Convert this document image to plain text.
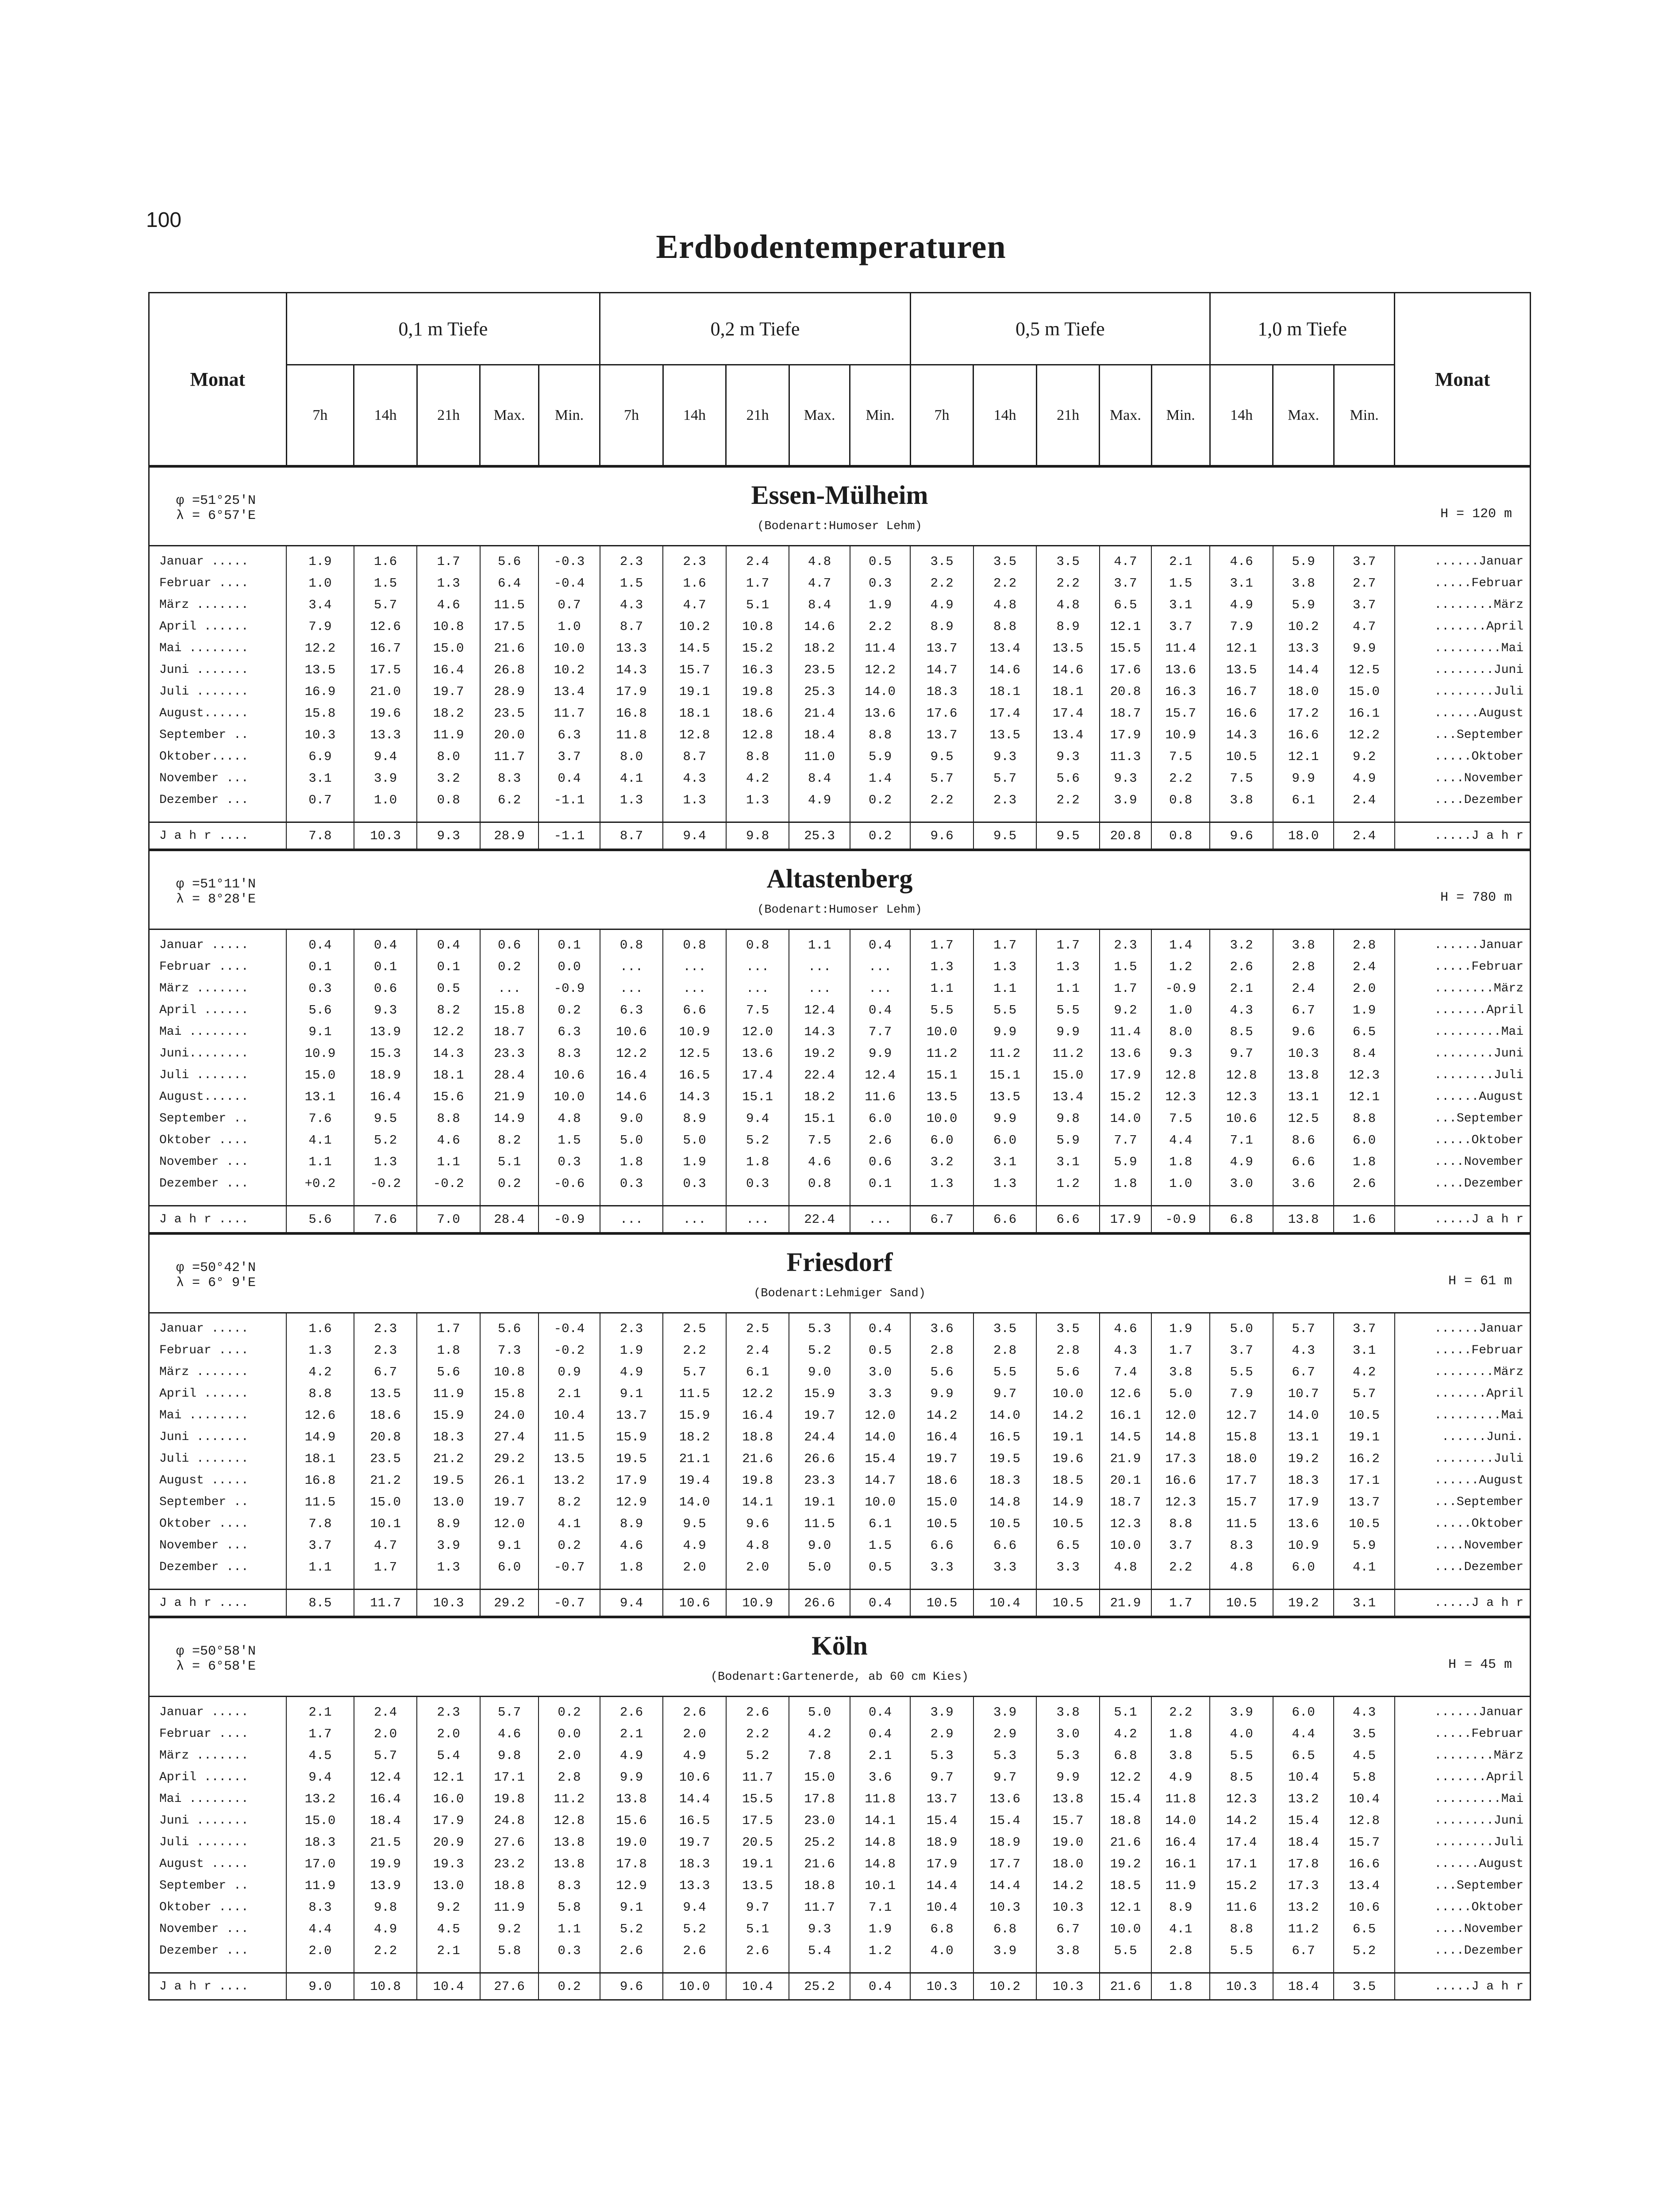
100
Erdbodentemperaturen
Monat	0,1 m Tiefe					0,2 m Tiefe					0,5 m Tiefe					1,0 m Tiefe			Monat
	7h	14h	21h	Max.	Min.	7h	14h	21h	Max.	Min.	7h	14h	21h	Max.	Min.	14h	Max.	Min.	

φ =51°25'N
λ = 6°57'E
Essen-Mülheim
(Bodenart:Humoser Lehm)
H = 120 m																			

Januar .....	1.9	1.6	1.7	5.6	-0.3	2.3	2.3	2.4	4.8	0.5	3.5	3.5	3.5	4.7	2.1	4.6	5.9	3.7	......Januar
Februar ....	1.0	1.5	1.3	6.4	-0.4	1.5	1.6	1.7	4.7	0.3	2.2	2.2	2.2	3.7	1.5	3.1	3.8	2.7	.....Februar
März .......	3.4	5.7	4.6	11.5	0.7	4.3	4.7	5.1	8.4	1.9	4.9	4.8	4.8	6.5	3.1	4.9	5.9	3.7	........März
April ......	7.9	12.6	10.8	17.5	1.0	8.7	10.2	10.8	14.6	2.2	8.9	8.8	8.9	12.1	3.7	7.9	10.2	4.7	.......April
Mai ........	12.2	16.7	15.0	21.6	10.0	13.3	14.5	15.2	18.2	11.4	13.7	13.4	13.5	15.5	11.4	12.1	13.3	9.9	.........Mai
Juni .......	13.5	17.5	16.4	26.8	10.2	14.3	15.7	16.3	23.5	12.2	14.7	14.6	14.6	17.6	13.6	13.5	14.4	12.5	........Juni
Juli .......	16.9	21.0	19.7	28.9	13.4	17.9	19.1	19.8	25.3	14.0	18.3	18.1	18.1	20.8	16.3	16.7	18.0	15.0	........Juli
August......	15.8	19.6	18.2	23.5	11.7	16.8	18.1	18.6	21.4	13.6	17.6	17.4	17.4	18.7	15.7	16.6	17.2	16.1	......August
September ..	10.3	13.3	11.9	20.0	6.3	11.8	12.8	12.8	18.4	8.8	13.7	13.5	13.4	17.9	10.9	14.3	16.6	12.2	...September
Oktober.....	6.9	9.4	8.0	11.7	3.7	8.0	8.7	8.8	11.0	5.9	9.5	9.3	9.3	11.3	7.5	10.5	12.1	9.2	.....Oktober
November ...	3.1	3.9	3.2	8.3	0.4	4.1	4.3	4.2	8.4	1.4	5.7	5.7	5.6	9.3	2.2	7.5	9.9	4.9	....November
Dezember ...	0.7	1.0	0.8	6.2	-1.1	1.3	1.3	1.3	4.9	0.2	2.2	2.3	2.2	3.9	0.8	3.8	6.1	2.4	....Dezember

J a h r ....	7.8	10.3	9.3	28.9	-1.1	8.7	9.4	9.8	25.3	0.2	9.6	9.5	9.5	20.8	0.8	9.6	18.0	2.4	.....J a h r

φ =51°11'N
λ = 8°28'E
Altastenberg
(Bodenart:Humoser Lehm)
H = 780 m																			

Januar .....	0.4	0.4	0.4	0.6	0.1	0.8	0.8	0.8	1.1	0.4	1.7	1.7	1.7	2.3	1.4	3.2	3.8	2.8	......Januar
Februar ....	0.1	0.1	0.1	0.2	0.0	...	...	...	...	...	1.3	1.3	1.3	1.5	1.2	2.6	2.8	2.4	.....Februar
März .......	0.3	0.6	0.5	...	-0.9	...	...	...	...	...	1.1	1.1	1.1	1.7	-0.9	2.1	2.4	2.0	........März
April ......	5.6	9.3	8.2	15.8	0.2	6.3	6.6	7.5	12.4	0.4	5.5	5.5	5.5	9.2	1.0	4.3	6.7	1.9	.......April
Mai ........	9.1	13.9	12.2	18.7	6.3	10.6	10.9	12.0	14.3	7.7	10.0	9.9	9.9	11.4	8.0	8.5	9.6	6.5	.........Mai
Juni........	10.9	15.3	14.3	23.3	8.3	12.2	12.5	13.6	19.2	9.9	11.2	11.2	11.2	13.6	9.3	9.7	10.3	8.4	........Juni
Juli .......	15.0	18.9	18.1	28.4	10.6	16.4	16.5	17.4	22.4	12.4	15.1	15.1	15.0	17.9	12.8	12.8	13.8	12.3	........Juli
August......	13.1	16.4	15.6	21.9	10.0	14.6	14.3	15.1	18.2	11.6	13.5	13.5	13.4	15.2	12.3	12.3	13.1	12.1	......August
September ..	7.6	9.5	8.8	14.9	4.8	9.0	8.9	9.4	15.1	6.0	10.0	9.9	9.8	14.0	7.5	10.6	12.5	8.8	...September
Oktober ....	4.1	5.2	4.6	8.2	1.5	5.0	5.0	5.2	7.5	2.6	6.0	6.0	5.9	7.7	4.4	7.1	8.6	6.0	.....Oktober
November ...	1.1	1.3	1.1	5.1	0.3	1.8	1.9	1.8	4.6	0.6	3.2	3.1	3.1	5.9	1.8	4.9	6.6	1.8	....November
Dezember ...	+0.2	-0.2	-0.2	0.2	-0.6	0.3	0.3	0.3	0.8	0.1	1.3	1.3	1.2	1.8	1.0	3.0	3.6	2.6	....Dezember

J a h r ....	5.6	7.6	7.0	28.4	-0.9	...	...	...	22.4	...	6.7	6.6	6.6	17.9	-0.9	6.8	13.8	1.6	.....J a h r

φ =50°42'N
λ = 6° 9'E
Friesdorf
(Bodenart:Lehmiger Sand)
H = 61 m																			

Januar .....	1.6	2.3	1.7	5.6	-0.4	2.3	2.5	2.5	5.3	0.4	3.6	3.5	3.5	4.6	1.9	5.0	5.7	3.7	......Januar
Februar ....	1.3	2.3	1.8	7.3	-0.2	1.9	2.2	2.4	5.2	0.5	2.8	2.8	2.8	4.3	1.7	3.7	4.3	3.1	.....Februar
März .......	4.2	6.7	5.6	10.8	0.9	4.9	5.7	6.1	9.0	3.0	5.6	5.5	5.6	7.4	3.8	5.5	6.7	4.2	........März
April ......	8.8	13.5	11.9	15.8	2.1	9.1	11.5	12.2	15.9	3.3	9.9	9.7	10.0	12.6	5.0	7.9	10.7	5.7	.......April
Mai ........	12.6	18.6	15.9	24.0	10.4	13.7	15.9	16.4	19.7	12.0	14.2	14.0	14.2	16.1	12.0	12.7	14.0	10.5	.........Mai
Juni .......	14.9	20.8	18.3	27.4	11.5	15.9	18.2	18.8	24.4	14.0	16.4	16.5	19.1	14.5	14.8	15.8	13.1	19.1	......Juni.
Juli .......	18.1	23.5	21.2	29.2	13.5	19.5	21.1	21.6	26.6	15.4	19.7	19.5	19.6	21.9	17.3	18.0	19.2	16.2	........Juli
August .....	16.8	21.2	19.5	26.1	13.2	17.9	19.4	19.8	23.3	14.7	18.6	18.3	18.5	20.1	16.6	17.7	18.3	17.1	......August
September ..	11.5	15.0	13.0	19.7	8.2	12.9	14.0	14.1	19.1	10.0	15.0	14.8	14.9	18.7	12.3	15.7	17.9	13.7	...September
Oktober ....	7.8	10.1	8.9	12.0	4.1	8.9	9.5	9.6	11.5	6.1	10.5	10.5	10.5	12.3	8.8	11.5	13.6	10.5	.....Oktober
November ...	3.7	4.7	3.9	9.1	0.2	4.6	4.9	4.8	9.0	1.5	6.6	6.6	6.5	10.0	3.7	8.3	10.9	5.9	....November
Dezember ...	1.1	1.7	1.3	6.0	-0.7	1.8	2.0	2.0	5.0	0.5	3.3	3.3	3.3	4.8	2.2	4.8	6.0	4.1	....Dezember

J a h r ....	8.5	11.7	10.3	29.2	-0.7	9.4	10.6	10.9	26.6	0.4	10.5	10.4	10.5	21.9	1.7	10.5	19.2	3.1	.....J a h r

φ =50°58'N
λ = 6°58'E
Köln
(Bodenart:Gartenerde, ab 60 cm Kies)
H = 45 m																			

Januar .....	2.1	2.4	2.3	5.7	0.2	2.6	2.6	2.6	5.0	0.4	3.9	3.9	3.8	5.1	2.2	3.9	6.0	4.3	......Januar
Februar ....	1.7	2.0	2.0	4.6	0.0	2.1	2.0	2.2	4.2	0.4	2.9	2.9	3.0	4.2	1.8	4.0	4.4	3.5	.....Februar
März .......	4.5	5.7	5.4	9.8	2.0	4.9	4.9	5.2	7.8	2.1	5.3	5.3	5.3	6.8	3.8	5.5	6.5	4.5	........März
April ......	9.4	12.4	12.1	17.1	2.8	9.9	10.6	11.7	15.0	3.6	9.7	9.7	9.9	12.2	4.9	8.5	10.4	5.8	.......April
Mai ........	13.2	16.4	16.0	19.8	11.2	13.8	14.4	15.5	17.8	11.8	13.7	13.6	13.8	15.4	11.8	12.3	13.2	10.4	.........Mai
Juni .......	15.0	18.4	17.9	24.8	12.8	15.6	16.5	17.5	23.0	14.1	15.4	15.4	15.7	18.8	14.0	14.2	15.4	12.8	........Juni
Juli .......	18.3	21.5	20.9	27.6	13.8	19.0	19.7	20.5	25.2	14.8	18.9	18.9	19.0	21.6	16.4	17.4	18.4	15.7	........Juli
August .....	17.0	19.9	19.3	23.2	13.8	17.8	18.3	19.1	21.6	14.8	17.9	17.7	18.0	19.2	16.1	17.1	17.8	16.6	......August
September ..	11.9	13.9	13.0	18.8	8.3	12.9	13.3	13.5	18.8	10.1	14.4	14.4	14.2	18.5	11.9	15.2	17.3	13.4	...September
Oktober ....	8.3	9.8	9.2	11.9	5.8	9.1	9.4	9.7	11.7	7.1	10.4	10.3	10.3	12.1	8.9	11.6	13.2	10.6	.....Oktober
November ...	4.4	4.9	4.5	9.2	1.1	5.2	5.2	5.1	9.3	1.9	6.8	6.8	6.7	10.0	4.1	8.8	11.2	6.5	....November
Dezember ...	2.0	2.2	2.1	5.8	0.3	2.6	2.6	2.6	5.4	1.2	4.0	3.9	3.8	5.5	2.8	5.5	6.7	5.2	....Dezember

J a h r ....	9.0	10.8	10.4	27.6	0.2	9.6	10.0	10.4	25.2	0.4	10.3	10.2	10.3	21.6	1.8	10.3	18.4	3.5	.....J a h r
